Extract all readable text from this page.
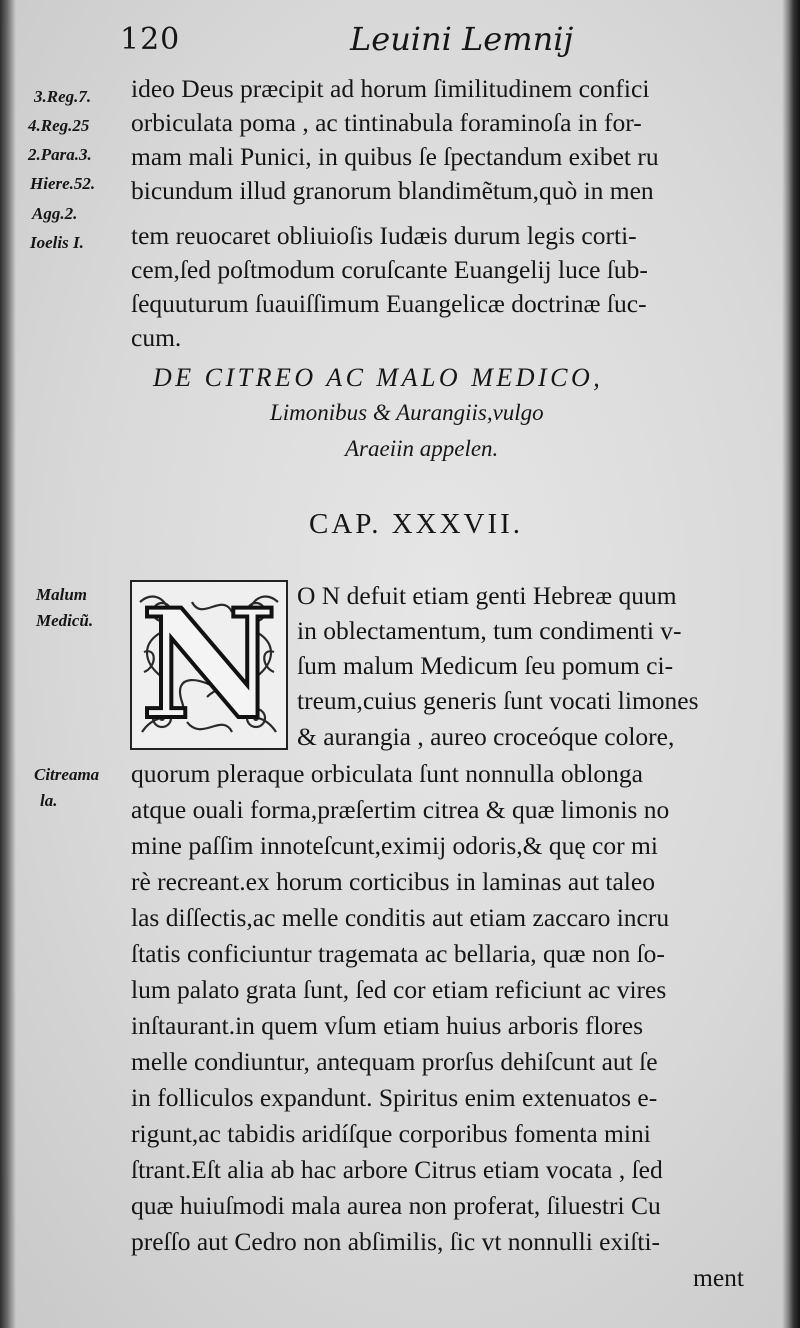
120	Leuini Lemnij
3.Reg.7.
4.Reg.25
2.Para.3.
Hiere.52.
Agg.2.
Ioelis I.
ideo Deus præcipit ad horum ſimilitudinem confici
orbiculata poma , ac tintinabula foraminoſa in for-
mam mali Punici, in quibus ſe ſpectandum exibet ru
bicundum illud granorum blandimẽtum,quò in men
tem reuocaret obliuioſis Iudæis durum legis corti-
cem,ſed poſtmodum coruſcante Euangelij luce ſub-
ſequuturum ſuauiſſimum Euangelicæ doctrinæ ſuc-
cum.
DE CITREO AC MALO MEDICO,
Limonibus & Aurangiis,vulgo
Araeiin appelen.
CAP. XXXVII.
Malum
Medicũ.
Citreama
la.
N O N defuit etiam genti Hebreæ quum
in oblectamentum, tum condimenti v-
ſum malum Medicum ſeu pomum ci-
treum,cuius generis ſunt vocati limones
& aurangia , aureo croceóque colore,
quorum pleraque orbiculata ſunt nonnulla oblonga
atque ouali forma,præſertim citrea & quæ limonis no
mine paſſim innoteſcunt,eximij odoris,& quę cor mi
rè recreant.ex horum corticibus in laminas aut taleo
las diſſectis,ac melle conditis aut etiam zaccaro incru
ſtatis conficiuntur tragemata ac bellaria, quæ non ſo-
lum palato grata ſunt, ſed cor etiam reficiunt ac vires
inſtaurant.in quem vſum etiam huius arboris flores
melle condiuntur, antequam prorſus dehiſcunt aut ſe
in folliculos expandunt. Spiritus enim extenuatos e-
rigunt,ac tabidis aridíſque corporibus fomenta mini
ſtrant.Eſt alia ab hac arbore Citrus etiam vocata , ſed
quæ huiuſmodi mala aurea non proferat, ſiluestri Cu
preſſo aut Cedro non abſimilis, ſic vt nonnulli exiſti-
ment
